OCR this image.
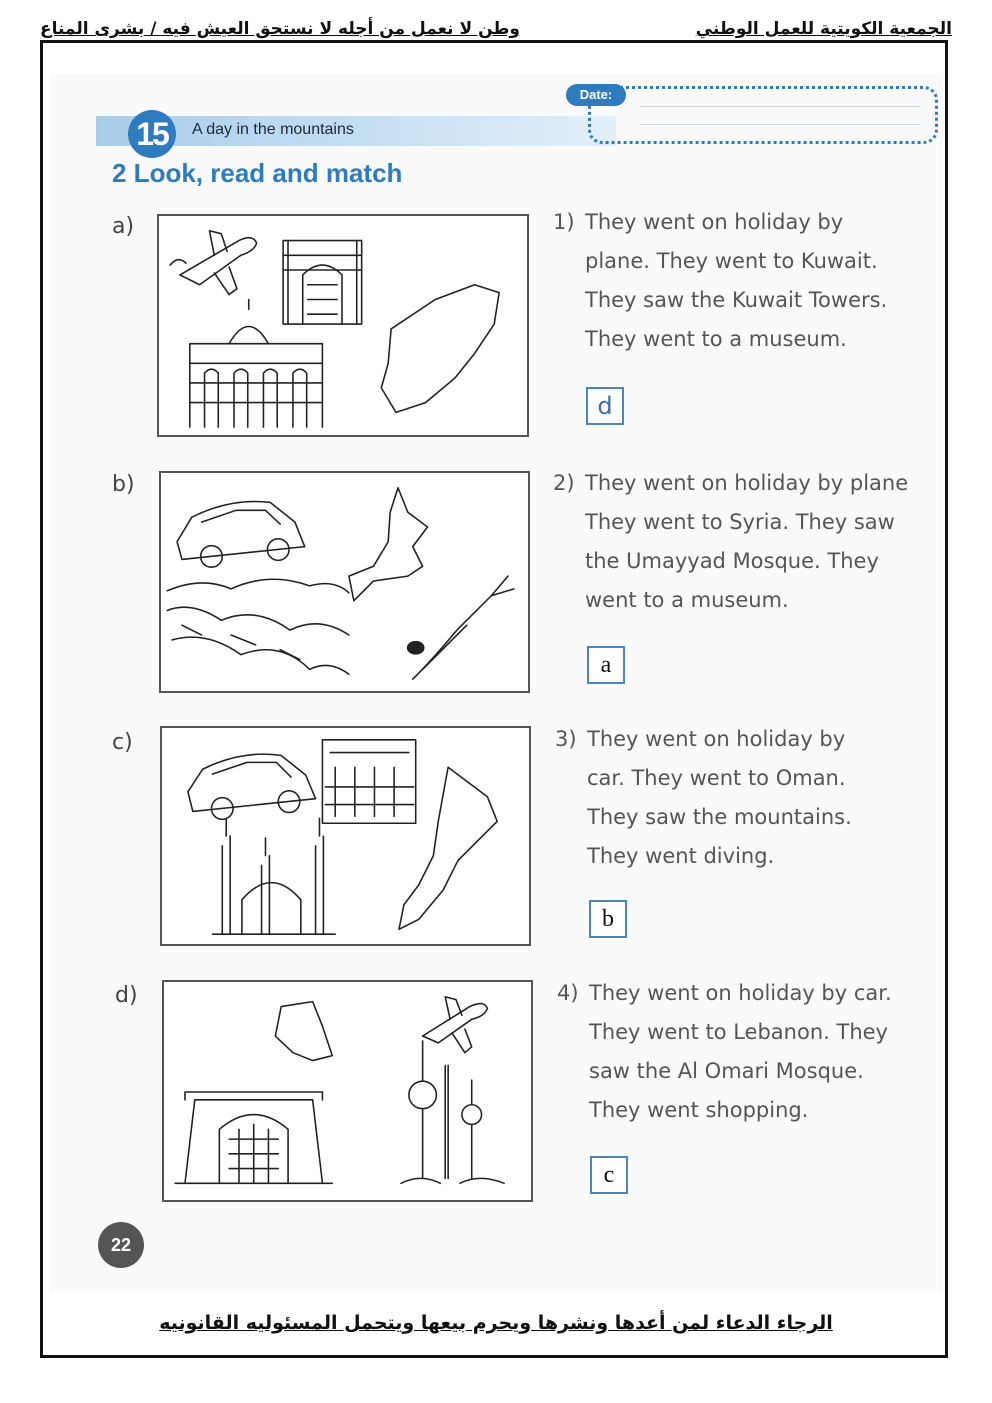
الجمعية الكويتية للعمل الوطني
وطن لا نعمل من أجله لا نستحق العيش فيه / بشرى المناع
15	A day in the mountains
Date:
2 Look, read and match
a)	1) They went on holiday by
plane. They went to Kuwait.
They saw the Kuwait Towers.
They went to a museum.
d
b)	2) They went on holiday by plane
They went to Syria. They saw
the Umayyad Mosque. They
went to a museum.
a
c)	3) They went on holiday by
car. They went to Oman.
They saw the mountains.
They went diving.
b
d)	4) They went on holiday by car.
They went to Lebanon. They
saw the Al Omari Mosque.
They went shopping.
c
22
الرجاء الدعاء لمن أعدها ونشرها ويحرم بيعها ويتحمل المسئوليه القانونيه
